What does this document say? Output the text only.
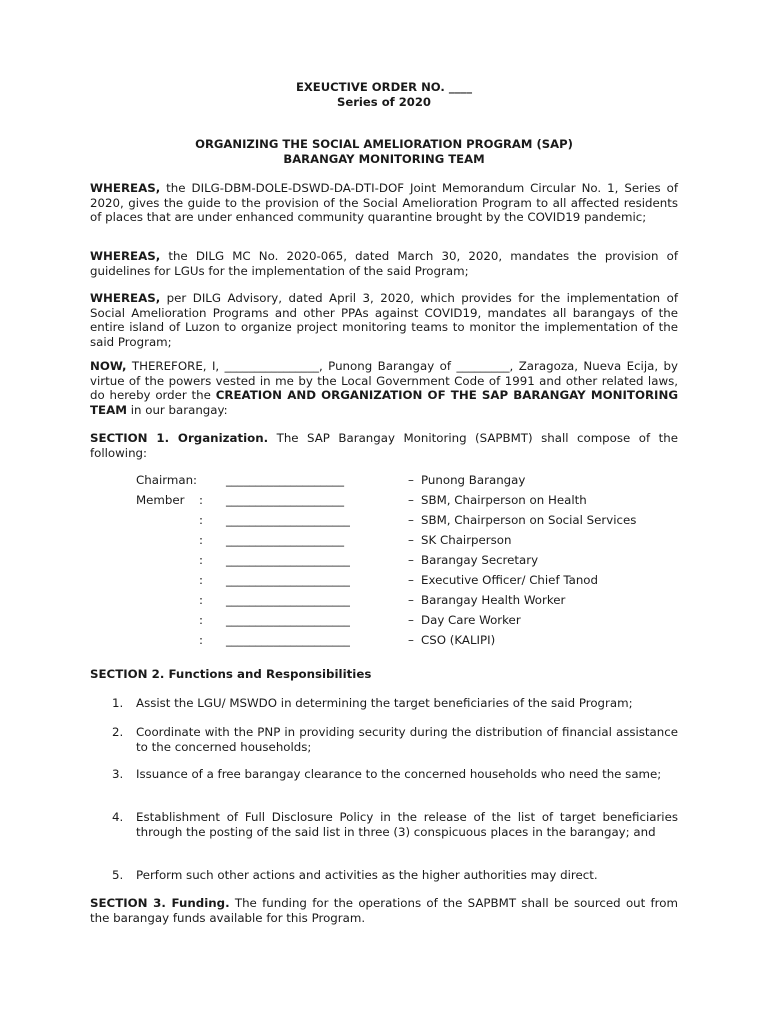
EXEUCTIVE ORDER NO. ____
Series of 2020
ORGANIZING THE SOCIAL AMELIORATION PROGRAM (SAP)
BARANGAY MONITORING TEAM
WHEREAS, the DILG-DBM-DOLE-DSWD-DA-DTI-DOF Joint Memorandum Circular No. 1, Series of 2020, gives the guide to the provision of the Social Amelioration Program to all affected residents of places that are under enhanced community quarantine brought by the COVID19 pandemic;
WHEREAS, the DILG MC No. 2020-065, dated March 30, 2020, mandates the provision of guidelines for LGUs for the implementation of the said Program;
WHEREAS, per DILG Advisory, dated April 3, 2020, which provides for the implementation of Social Amelioration Programs and other PPAs against COVID19, mandates all barangays of the entire island of Luzon to organize project monitoring teams to monitor the implementation of the said Program;
NOW, THEREFORE, I, ________________, Punong Barangay of _________, Zaragoza, Nueva Ecija, by virtue of the powers vested in me by the Local Government Code of 1991 and other related laws, do hereby order the CREATION AND ORGANIZATION OF THE SAP BARANGAY MONITORING TEAM in our barangay:
SECTION 1. Organization. The SAP Barangay Monitoring (SAPBMT) shall compose of the following:
Chairman: ____________________	– Punong Barangay
Member : ____________________	– SBM, Chairperson on Health
: _____________________	– SBM, Chairperson on Social Services
: ____________________	– SK Chairperson
: _____________________	– Barangay Secretary
: _____________________	– Executive Officer/ Chief Tanod
: _____________________	– Barangay Health Worker
: _____________________	– Day Care Worker
: _____________________	– CSO (KALIPI)
SECTION 2. Functions and Responsibilities
1. Assist the LGU/ MSWDO in determining the target beneficiaries of the said Program;
2. Coordinate with the PNP in providing security during the distribution of financial assistance to the concerned households;
3. Issuance of a free barangay clearance to the concerned households who need the same;
4. Establishment of Full Disclosure Policy in the release of the list of target beneficiaries through the posting of the said list in three (3) conspicuous places in the barangay; and
5. Perform such other actions and activities as the higher authorities may direct.
SECTION 3. Funding. The funding for the operations of the SAPBMT shall be sourced out from the barangay funds available for this Program.
